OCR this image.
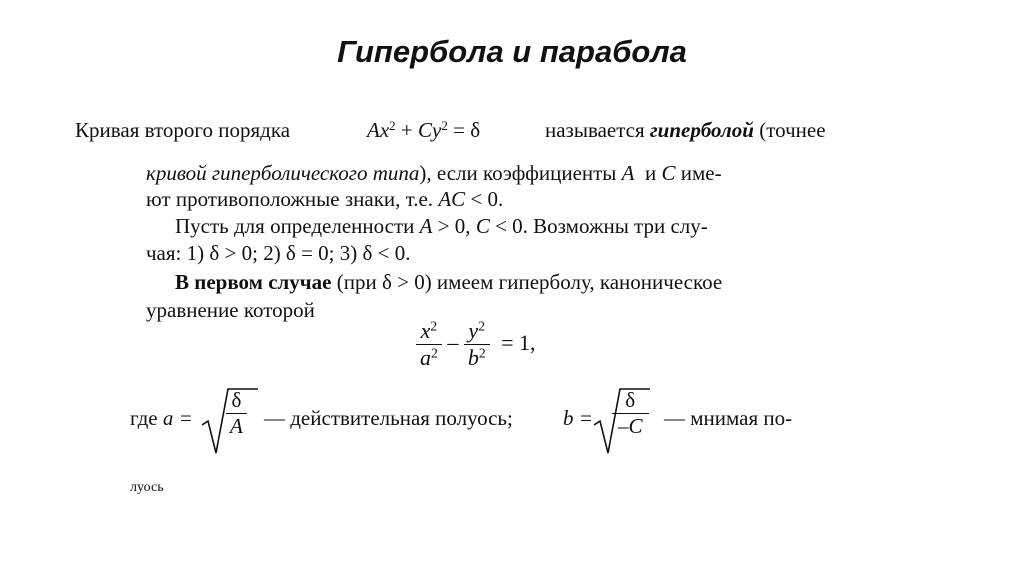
Гипербола и парабола
Кривая второго порядка	$Ax^2 + Cy^2 = \delta$	называется гиперболой (точнее
кривой гиперболического типа), если коэффициенты A и C име-
ют противоположные знаки, т.е. AC < 0.
Пусть для определенности A > 0, C < 0. Возможны три слу-
чая: 1) δ > 0; 2) δ = 0; 3) δ < 0.
В первом случае (при δ > 0) имеем гиперболу, каноническое
уравнение которой
$\frac{x^2}{a^2} - \frac{y^2}{b^2} = 1$,
где a =
δ
A — действительная полуось; b =
δ
–C — мнимая по-
луось
